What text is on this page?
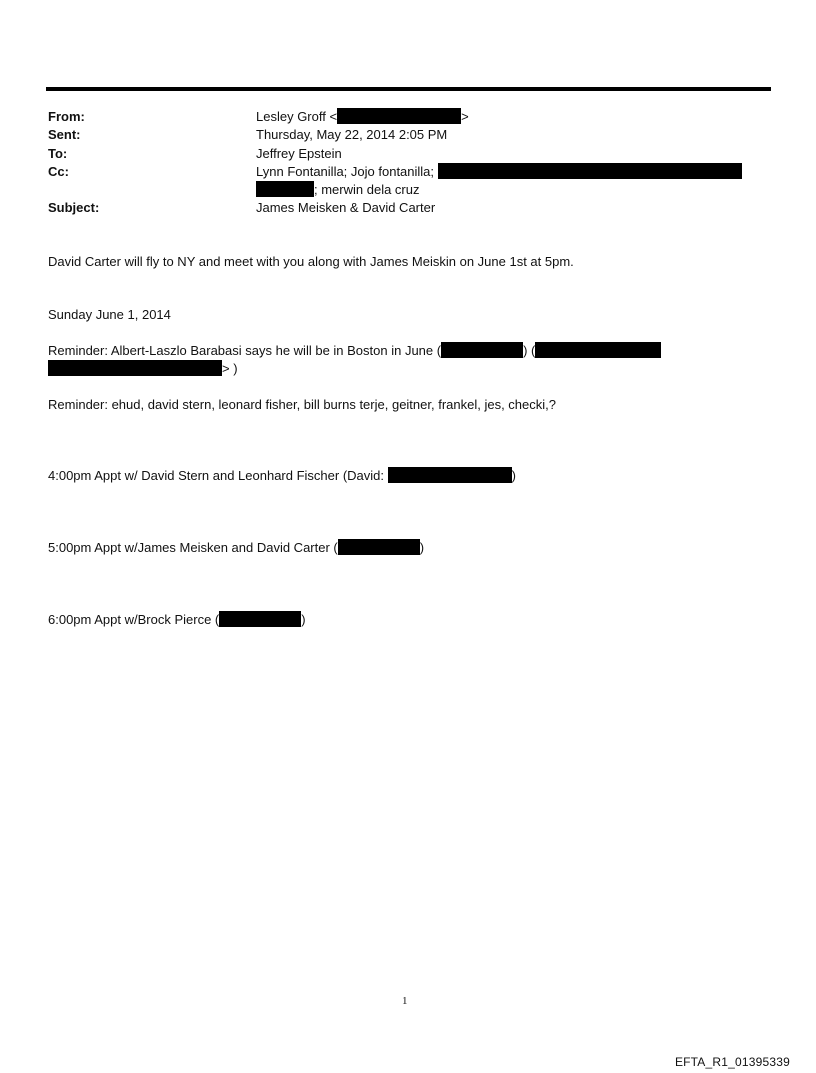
From:	Lesley Groff <	>
Sent:	Thursday, May 22, 2014 2:05 PM
To:	Jeffrey Epstein
Cc:	Lynn Fontanilla; Jojo fontanilla;
; merwin dela cruz
Subject:	James Meisken & David Carter
David Carter will fly to NY and meet with you along with James Meiskin on June 1st at 5pm.
Sunday June 1, 2014
Reminder: Albert-Laszlo Barabasi says he will be in Boston in June (	) (
> )
Reminder: ehud, david stern, leonard fisher, bill burns terje, geitner, frankel, jes, checki,?
4:00pm Appt w/ David Stern and Leonhard Fischer (David:	)
5:00pm Appt w/James Meisken and David Carter (	)
6:00pm Appt w/Brock Pierce (	)
1
EFTA_R1_01395339
